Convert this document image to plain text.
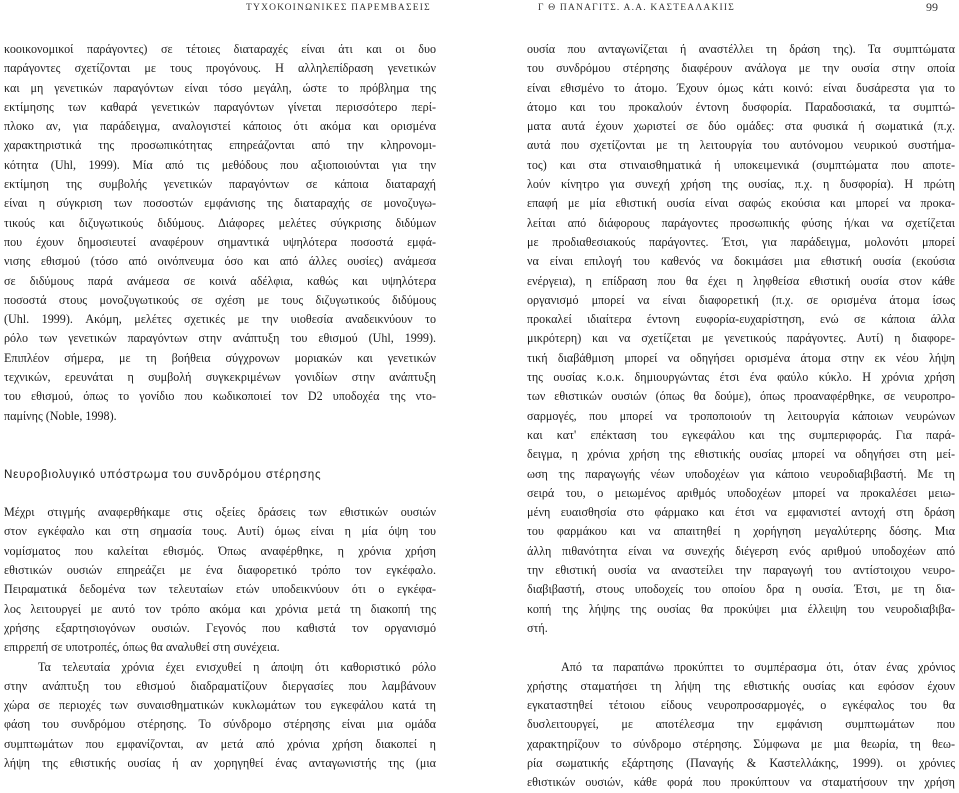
ΤΥΧΟΚΟΙΝΩΝΙΚΕΣ ΠΑΡΕΜΒΑΣΕΙΣ	Γ Θ ΠΑΝΑΓΙΤΣ. Α.Α. ΚΑΣΤΕΑΛΑΚΙΙΣ	99
κοοικονομικοί παράγοντες) σε τέτοιες διαταραχές είναι άτι και οι δυο
παράγοντες σχετίζονται με τους προγόνους. Η αλληλεπίδραση γενετικών
και μη γενετικών παραγόντων είναι τόσο μεγάλη, ώστε το πρόβλημα της
εκτίμησης των καθαρά γενετικών παραγόντων γίνεται περισσότερο περί-
πλοκο αν, για παράδειγμα, αναλογιστεί κάποιος ότι ακόμα και ορισμένα
χαρακτηριστικά της προσωπικότητας επηρεάζονται από την κληρονομι-
κότητα (Uhl, 1999). Μία από τις μεθόδους που αξιοποιούνται για την
εκτίμηση της συμβολής γενετικών παραγόντων σε κάποια διαταραχή
είναι η σύγκριση των ποσοστών εμφάνισης της διαταραχής σε μονοζυγω-
τικούς και διζυγωτικούς διδύμους. Διάφορες μελέτες σύγκρισης διδύμων
που έχουν δημοσιευτεί αναφέρουν σημαντικά υψηλότερα ποσοστά εμφά-
νισης εθισμού (τόσο από οινόπνευμα όσο και από άλλες ουσίες) ανάμεσα
σε διδύμους παρά ανάμεσα σε κοινά αδέλφια, καθώς και υψηλότερα
ποσοστά στους μονοζυγωτικούς σε σχέση με τους διζυγωτικούς διδύμους
(Uhl. 1999). Ακόμη, μελέτες σχετικές με την υιοθεσία αναδεικνύουν το
ρόλο των γενετικών παραγόντων στην ανάπτυξη του εθισμού (Uhl, 1999).
Επιπλέον σήμερα, με τη βοήθεια σύγχρονων μοριακών και γενετικών
τεχνικών, ερευνάται η συμβολή συγκεκριμένων γονιδίων στην ανάπτυξη
του εθισμού, όπως το γονίδιο που κωδικοποιεί τον D2 υποδοχέα της ντο-
παμίνης (Noble, 1998).
Νευροβιολυγικό υπόστρωμα του συνδρόμου στέρησης
Μέχρι στιγμής αναφερθήκαμε στις οξείες δράσεις των εθιστικών ουσιών
στον εγκέφαλο και στη σημασία τους. Αυτί) όμως είναι η μία όψη του
νομίσματος που καλείται εθισμός. Όπως αναφέρθηκε, η χρόνια χρήση
εθιστικών ουσιών επηρεάζει με ένα διαφορετικό τρόπο τον εγκέφαλο.
Πειραματικά δεδομένα των τελευταίων ετών υποδεικνύουν ότι ο εγκέφα-
λος λειτουργεί με αυτό τον τρόπο ακόμα και χρόνια μετά τη διακοπή της
χρήσης εξαρτησιογόνων ουσιών. Γεγονός που καθιστά τον οργανισμό
επιρρεπή σε υποτροπές, όπως θα αναλυθεί στη συνέχεια.
Τα τελευταία χρόνια έχει ενισχυθεί η άποψη ότι καθοριστικό ρόλο
στην ανάπτυξη του εθισμού διαδραματίζουν διεργασίες που λαμβάνουν
χώρα σε περιοχές των συναισθηματικών κυκλωμάτων του εγκεφάλου κατά τη
φάση του συνδρόμου στέρησης. Το σύνδρομο στέρησης είναι μια ομάδα
συμπτωμάτων που εμφανίζονται, αν μετά από χρόνια χρήση διακοπεί η
λήψη της εθιστικής ουσίας ή αν χορηγηθεί ένας ανταγωνιστής της (μια
ουσία που ανταγωνίζεται ή αναστέλλει τη δράση της). Τα συμπτώματα
του συνδρόμου στέρησης διαφέρουν ανάλογα με την ουσία στην οποία
είναι εθισμένο το άτομο. Έχουν όμως κάτι κοινό: είναι δυσάρεστα για το
άτομο και του προκαλούν έντονη δυσφορία. Παραδοσιακά, τα συμπτώ-
ματα αυτά έχουν χωριστεί σε δύο ομάδες: στα φυσικά ή σωματικά (π.χ.
αυτά που σχετίζονται με τη λειτουργία του αυτόνομου νευρικού συστήμα-
τος) και στα στιναισθηματικά ή υποκειμενικά (συμπτώματα που αποτε-
λούν κίνητρο για συνεχή χρήση της ουσίας, π.χ. η δυσφορία). Η πρώτη
επαφή με μία εθιστική ουσία είναι σαφώς εκούσια και μπορεί να προκα-
λείται από διάφορους παράγοντες προσωπικής φύσης ή/και να σχετίζεται
με προδιαθεσιακούς παράγοντες. Έτσι, για παράδειγμα, μολονότι μπορεί
να είναι επιλογή του καθενός να δοκιμάσει μια εθιστική ουσία (εκούσια
ενέργεια), η επίδραση που θα έχει η ληφθείσα εθιστική ουσία στον κάθε
οργανισμό μπορεί να είναι διαφορετική (π.χ. σε ορισμένα άτομα ίσως
προκαλεί ιδιαίτερα έντονη ευφορία-ευχαρίστηση, ενώ σε κάποια άλλα
μικρότερη) και να σχετίζεται με γενετικούς παράγοντες. Αυτί) η διαφορε-
τική διαβάθμιση μπορεί να οδηγήσει ορισμένα άτομα στην εκ νέου λήψη
της ουσίας κ.ο.κ. δημιουργώντας έτσι ένα φαύλο κύκλο. Η χρόνια χρήση
των εθιστικών ουσιών (όπως θα δούμε), όπως προαναφέρθηκε, σε νευροπρο-
σαρμογές, που μπορεί να τροποποιούν τη λειτουργία κάποιων νευρώνων
και κατ' επέκταση του εγκεφάλου και της συμπεριφοράς. Για παρά-
δειγμα, η χρόνια χρήση της εθιστικής ουσίας μπορεί να οδηγήσει στη μεί-
ωση της παραγωγής νέων υποδοχέων για κάποιο νευροδιαβιβαστή. Με τη
σειρά του, ο μειωμένος αριθμός υποδοχέων μπορεί να προκαλέσει μειω-
μένη ευαισθησία στο φάρμακο και έτσι να εμφανιστεί αντοχή στη δράση
του φαρμάκου και να απαιτηθεί η χορήγηση μεγαλύτερης δόσης. Μια
άλλη πιθανότητα είναι να συνεχής διέγερση ενός αριθμού υποδοχέων από
την εθιστική ουσία να αναστείλει την παραγωγή του αντίστοιχου νευρο-
διαβιβαστή, στους υποδοχείς του οποίου δρα η ουσία. Έτσι, με τη δια-
κοπή της λήψης της ουσίας θα προκύψει μια έλλειψη του νευροδιαβιβα-
στή.
Από τα παραπάνω προκύπτει το συμπέρασμα ότι, όταν ένας χρόνιος
χρήστης σταματήσει τη λήψη της εθιστικής ουσίας και εφόσον έχουν
εγκαταστηθεί τέτοιου είδους νευροπροσαρμογές, ο εγκέφαλος του θα
δυσλειτουργεί, με αποτέλεσμα την εμφάνιση συμπτωμάτων που
χαρακτηρίζουν το σύνδρομο στέρησης. Σύμφωνα με μια θεωρία, τη θεω-
ρία σωματικής εξάρτησης (Παναγής & Καστελλάκης, 1999). οι χρόνιες
εθιστικών ουσιών, κάθε φορά που προκύπτουν να σταματήσουν την χρήση
